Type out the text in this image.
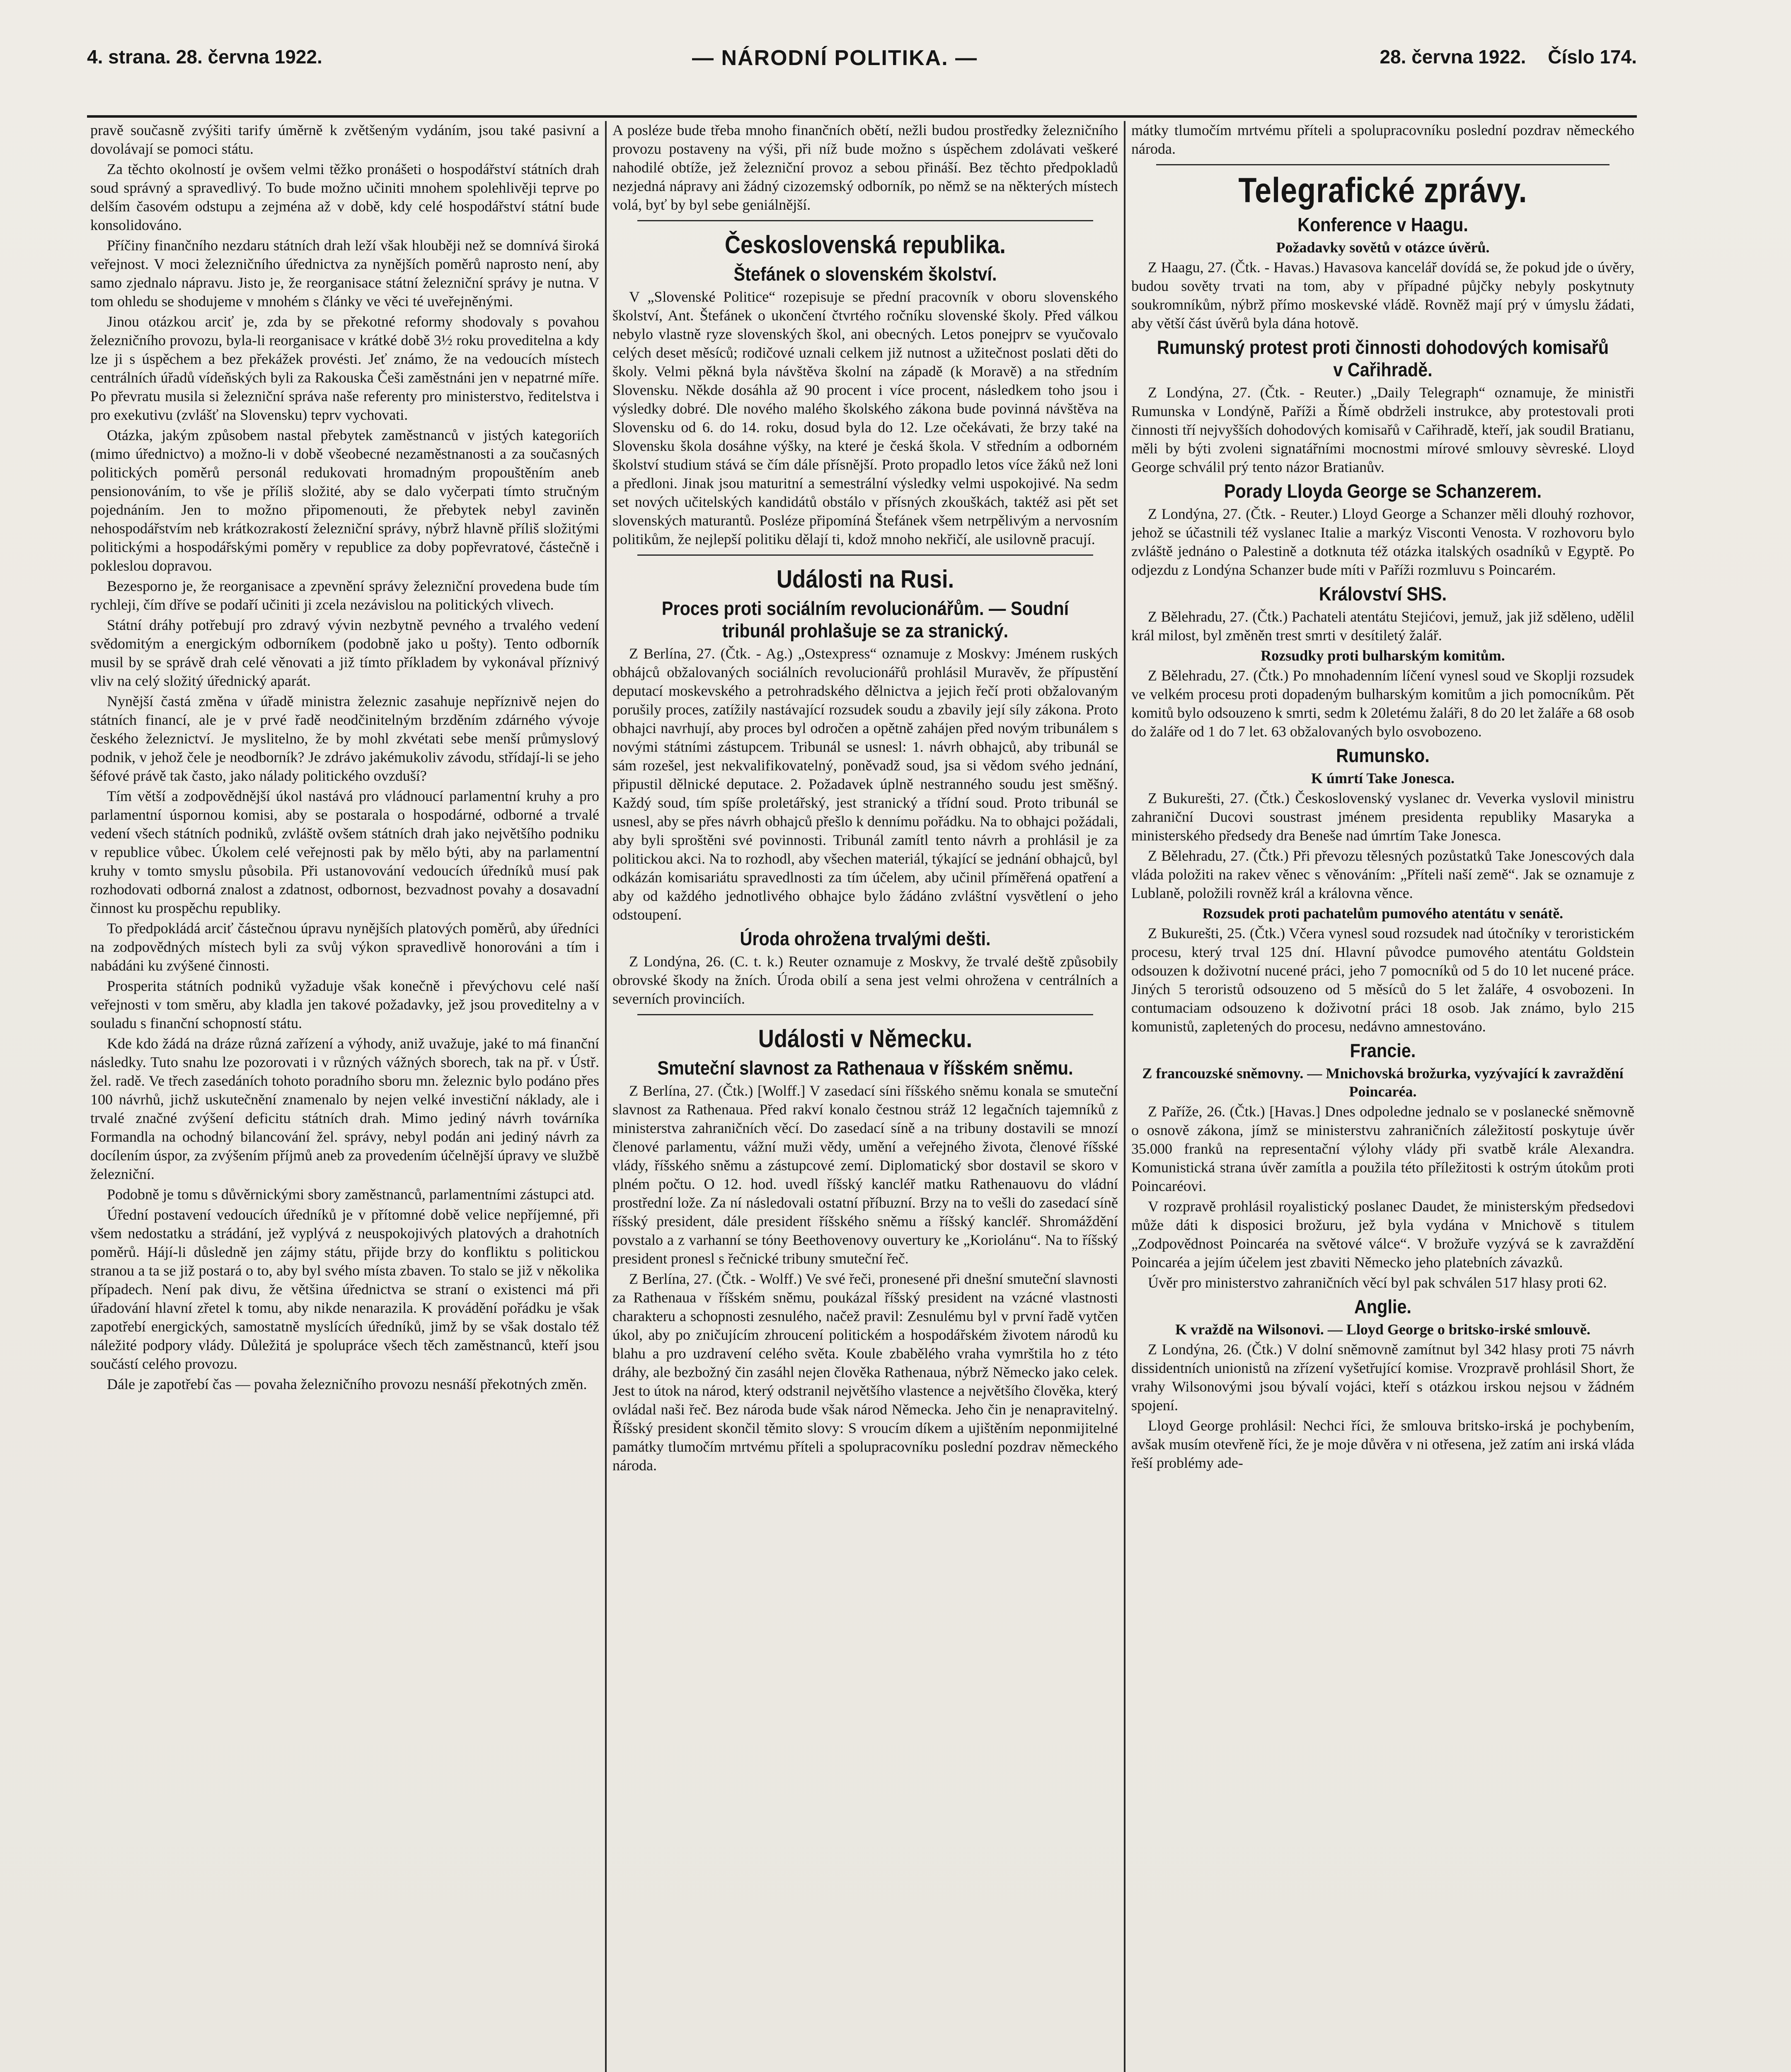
4. strana. 28. června 1922.	— NÁRODNÍ POLITIKA. —	28. června 1922. Číslo 174.

pravě současně zvýšiti tarify úměrně k zvětšeným vydáním, jsou také pasivní a dovolávají se pomoci státu.

Za těchto okolností je ovšem velmi těžko pronášeti o hospodářství státních drah soud správný a spravedlivý. To bude možno učiniti mnohem spolehlivěji teprve po delším časovém odstupu a zejména až v době, kdy celé hospodářství státní bude konsolidováno.

Příčiny finančního nezdaru státních drah leží však hlouběji než se domnívá široká veřejnost. V moci železničního úřednictva za nynějších poměrů naprosto není, aby samo zjednalo nápravu. Jisto je, že reorganisace státní železniční správy je nutna. V tom ohledu se shodujeme v mnohém s články ve věci té uveřejněnými.

Jinou otázkou arciť je, zda by se překotné reformy shodovaly s povahou železničního provozu, byla-li reorganisace v krátké době 3½ roku proveditelna a kdy lze ji s úspěchem a bez překážek provésti. Jeť známo, že na vedoucích místech centrálních úřadů vídeňských byli za Rakouska Češi zaměstnáni jen v nepatrné míře. Po převratu musila si železniční správa naše referenty pro ministerstvo, ředitelstva i pro exekutivu (zvlášť na Slovensku) teprv vychovati.

Otázka, jakým způsobem nastal přebytek zaměstnanců v jistých kategoriích (mimo úřednictvo) a možno-li v době všeobecné nezaměstnanosti a za současných politických poměrů personál redukovati hromadným propouštěním aneb pensionováním, to vše je příliš složité, aby se dalo vyčerpati tímto stručným pojednáním. Jen to možno připomenouti, že přebytek nebyl zaviněn nehospodářstvím neb krátkozrakostí železniční správy, nýbrž hlavně příliš složitými politickými a hospodářskými poměry v republice za doby popřevratové, částečně i pokleslou dopravou.

Bezesporno je, že reorganisace a zpevnění správy železniční provedena bude tím rychleji, čím dříve se podaří učiniti ji zcela nezávislou na politických vlivech.

Státní dráhy potřebují pro zdravý vývin nezbytně pevného a trvalého vedení svědomitým a energickým odborníkem (podobně jako u pošty). Tento odborník musil by se správě drah celé věnovati a již tímto příkladem by vykonával příznivý vliv na celý složitý úřednický aparát.

Nynější častá změna v úřadě ministra železnic zasahuje nepříznivě nejen do státních financí, ale je v prvé řadě neodčinitelným brzděním zdárného vývoje českého železnictví. Je myslitelno, že by mohl zkvétati sebe menší průmyslový podnik, v jehož čele je neodborník? Je zdrávo jakémukoliv závodu, střídají-li se jeho šéfové právě tak často, jako nálady politického ovzduší?

Tím větší a zodpovědnější úkol nastává pro vládnoucí parlamentní kruhy a pro parlamentní úspornou komisi, aby se postarala o hospodárné, odborné a trvalé vedení všech státních podniků, zvláště ovšem státních drah jako největšího podniku v republice vůbec. Úkolem celé veřejnosti pak by mělo býti, aby na parlamentní kruhy v tomto smyslu působila. Při ustanovování vedoucích úředníků musí pak rozhodovati odborná znalost a zdatnost, odbornost, bezvadnost povahy a dosavadní činnost ku prospěchu republiky.

To předpokládá arciť částečnou úpravu nynějších platových poměrů, aby úředníci na zodpovědných místech byli za svůj výkon spravedlivě honorováni a tím i nabádáni ku zvýšené činnosti.

Prosperita státních podniků vyžaduje však konečně i převýchovu celé naší veřejnosti v tom směru, aby kladla jen takové požadavky, jež jsou proveditelny a v souladu s finanční schopností státu.

Kde kdo žádá na dráze různá zařízení a výhody, aniž uvažuje, jaké to má finanční následky. Tuto snahu lze pozorovati i v různých vážných sborech, tak na př. v Ústř. žel. radě. Ve třech zasedáních tohoto poradního sboru mn. železnic bylo podáno přes 100 návrhů, jichž uskutečnění znamenalo by nejen velké investiční náklady, ale i trvalé značné zvýšení deficitu státních drah. Mimo jediný návrh továrníka Formandla na ochodný bilancování žel. správy, nebyl podán ani jediný návrh za docílením úspor, za zvýšením příjmů aneb za provedením účelnější úpravy ve službě železniční.

Podobně je tomu s důvěrnickými sbory zaměstnanců, parlamentními zástupci atd.

Úřední postavení vedoucích úředníků je v přítomné době velice nepříjemné, při všem nedostatku a strádání, jež vyplývá z neuspokojivých platových a drahotních poměrů. Hájí-li důsledně jen zájmy státu, přijde brzy do konfliktu s politickou stranou a ta se již postará o to, aby byl svého místa zbaven. To stalo se již v několika případech. Není pak divu, že většina úřednictva se straní o existenci má při úřadování hlavní zřetel k tomu, aby nikde nenarazila. K provádění pořádku je však zapotřebí energických, samostatně myslících úředníků, jimž by se však dostalo též náležité podpory vlády. Důležitá je spolupráce všech těch zaměstnanců, kteří jsou součástí celého provozu.

Dále je zapotřebí čas — povaha železničního provozu nesnáší překotných změn.

A posléze bude třeba mnoho finančních obětí, nežli budou prostředky železničního provozu postaveny na výši, při níž bude možno s úspěchem zdolávati veškeré nahodilé obtíže, jež železniční provoz a sebou přináší. Bez těchto předpokladů nezjedná nápravy ani žádný cizozemský odborník, po němž se na některých místech volá, byť by byl sebe geniálnější.

Československá republika.
Štefánek o slovenském školství.

V „Slovenské Politice“ rozepisuje se přední pracovník v oboru slovenského školství, Ant. Štefánek o ukončení čtvrtého ročníku slovenské školy. Před válkou nebylo vlastně ryze slovenských škol, ani obecných. Letos ponejprv se vyučovalo celých deset měsíců; rodičové uznali celkem již nutnost a užitečnost poslati děti do školy. Velmi pěkná byla návštěva školní na západě (k Moravě) a na středním Slovensku. Někde dosáhla až 90 procent i více procent, následkem toho jsou i výsledky dobré. Dle nového malého školského zákona bude povinná návštěva na Slovensku od 6. do 14. roku, dosud byla do 12. Lze očekávati, že brzy také na Slovensku škola dosáhne výšky, na které je česká škola. V středním a odborném školství studium stává se čím dále přísnější. Proto propadlo letos více žáků než loni a předloni. Jinak jsou maturitní a semestrální výsledky velmi uspokojivé. Na sedm set nových učitelských kandidátů obstálo v přísných zkouškách, taktéž asi pět set slovenských maturantů. Posléze připomíná Štefánek všem netrpělivým a nervosním politikům, že nejlepší politiku dělají ti, kdož mnoho nekřičí, ale usilovně pracují.

Události na Rusi.
Proces proti sociálním revolucionářům. — Soudní tribunál prohlašuje se za stranický.

Z Berlína, 27. (Čtk. - Ag.) „Ostexpress“ oznamuje z Moskvy: Jménem ruských obhájců obžalovaných sociálních revolucionářů prohlásil Muravěv, že přípustění deputací moskevského a petrohradského dělnictva a jejich řečí proti obžalovaným porušily proces, zatížily nastávající rozsudek soudu a zbavily její síly zákona. Proto obhajci navrhují, aby proces byl odročen a opětně zahájen před novým tribunálem s novými státními zástupcem. Tribunál se usnesl: 1. návrh obhajců, aby tribunál se sám rozešel, jest nekvalifikovatelný, poněvadž soud, jsa si vědom svého jednání, připustil dělnické deputace. 2. Požadavek úplně nestranného soudu jest směšný. Každý soud, tím spíše proletářský, jest stranický a třídní soud. Proto tribunál se usnesl, aby se přes návrh obhajců přešlo k dennímu pořádku. Na to obhajci požádali, aby byli sproštěni své povinnosti. Tribunál zamítl tento návrh a prohlásil je za politickou akci. Na to rozhodl, aby všechen materiál, týkající se jednání obhajců, byl odkázán komisariátu spravedlnosti za tím účelem, aby učinil příměřená opatření a aby od každého jednotlivého obhajce bylo žádáno zvláštní vysvětlení o jeho odstoupení.

Úroda ohrožena trvalými dešti.

Z Londýna, 26. (C. t. k.) Reuter oznamuje z Moskvy, že trvalé deště způsobily obrovské škody na žních. Úroda obilí a sena jest velmi ohrožena v centrálních a severních provinciích.

Události v Německu.
Smuteční slavnost za Rathenaua v říšském sněmu.

Z Berlína, 27. (Čtk.) [Wolff.] V zasedací síni říšského sněmu konala se smuteční slavnost za Rathenaua. Před rakví konalo čestnou stráž 12 legačních tajemníků z ministerstva zahraničních věcí. Do zasedací síně a na tribuny dostavili se mnozí členové parlamentu, vážní muži vědy, umění a veřejného života, členové říšské vlády, říšského sněmu a zástupcové zemí. Diplomatický sbor dostavil se skoro v plném počtu. O 12. hod. uvedl říšský kancléř matku Rathenauovu do vládní prostřední lože. Za ní následovali ostatní příbuzní. Brzy na to vešli do zasedací síně říšský president, dále president říšského sněmu a říšský kancléř. Shromáždění povstalo a z varhanní se tóny Beethovenovy ouvertury ke „Koriolánu“. Na to říšský president pronesl s řečnické tribuny smuteční řeč.

Z Berlína, 27. (Čtk. - Wolff.) Ve své řeči, pronesené při dnešní smuteční slavnosti za Rathenaua v říšském sněmu, poukázal říšský president na vzácné vlastnosti charakteru a schopnosti zesnulého, načež pravil: Zesnulému byl v první řadě vytčen úkol, aby po zničujícím zhroucení politickém a hospodářském životem národů ku blahu a pro uzdravení celého světa. Koule zbabělého vraha vymrštila ho z této dráhy, ale bezbožný čin zasáhl nejen člověka Rathenaua, nýbrž Německo jako celek. Jest to útok na národ, který odstranil největšího vlastence a největšího člověka, který ovládal naši řeč. Bez národa bude však národ Německa. Jeho čin je nenapravitelný. Říšský president skončil těmito slovy: S vroucím díkem a ujištěním neponmijitelné památky tlumočím mrtvému příteli a spolupracovníku poslední pozdrav německého národa.

mátky tlumočím mrtvému příteli a spolupracovníku poslední pozdrav německého národa.

Telegrafické zprávy.
Konference v Haagu.
Požadavky sovětů v otázce úvěrů.

Z Haagu, 27. (Čtk. - Havas.) Havasova kancelář dovídá se, že pokud jde o úvěry, budou sověty trvati na tom, aby v případné půjčky nebyly poskytnuty soukromníkům, nýbrž přímo moskevské vládě. Rovněž mají prý v úmyslu žádati, aby větší část úvěrů byla dána hotově.

Rumunský protest proti činnosti dohodových komisařů v Cařihradě.

Z Londýna, 27. (Čtk. - Reuter.) „Daily Telegraph“ oznamuje, že ministři Rumunska v Londýně, Paříži a Římě obdrželi instrukce, aby protestovali proti činnosti tří nejvyšších dohodových komisařů v Cařihradě, kteří, jak soudil Bratianu, měli by býti zvoleni signatářními mocnostmi mírové smlouvy sèvreské. Lloyd George schválil prý tento názor Bratianův.

Porady Lloyda George se Schanzerem.

Z Londýna, 27. (Čtk. - Reuter.) Lloyd George a Schanzer měli dlouhý rozhovor, jehož se účastnili též vyslanec Italie a markýz Visconti Venosta. V rozhovoru bylo zvláště jednáno o Palestině a dotknuta též otázka italských osadníků v Egyptě. Po odjezdu z Londýna Schanzer bude míti v Paříži rozmluvu s Poincarém.

Království SHS.

Z Bělehradu, 27. (Čtk.) Pachateli atentátu Stejićovi, jemuž, jak již sděleno, udělil král milost, byl změněn trest smrti v desítiletý žalář.

Rozsudky proti bulharským komitům.

Z Bělehradu, 27. (Čtk.) Po mnohadenním líčení vynesl soud ve Skoplji rozsudek ve velkém procesu proti dopadeným bulharským komitům a jich pomocníkům. Pět komitů bylo odsouzeno k smrti, sedm k 20letému žaláři, 8 do 20 let žaláře a 68 osob do žaláře od 1 do 7 let. 63 obžalovaných bylo osvobozeno.

Rumunsko.
K úmrtí Take Jonesca.

Z Bukurešti, 27. (Čtk.) Československý vyslanec dr. Veverka vyslovil ministru zahraniční Ducovi soustrast jménem presidenta republiky Masaryka a ministerského předsedy dra Beneše nad úmrtím Take Jonesca.

Z Bělehradu, 27. (Čtk.) Při převozu tělesných pozůstatků Take Jonescových dala vláda položiti na rakev věnec s věnováním: „Příteli naší země“. Jak se oznamuje z Lublaně, položili rovněž král a královna věnce.

Rozsudek proti pachatelům pumového atentátu v senátě.

Z Bukurešti, 25. (Čtk.) Včera vynesl soud rozsudek nad útočníky v teroristickém procesu, který trval 125 dní. Hlavní původce pumového atentátu Goldstein odsouzen k doživotní nucené práci, jeho 7 pomocníků od 5 do 10 let nucené práce. Jiných 5 teroristů odsouzeno od 5 měsíců do 5 let žaláře, 4 osvobozeni. In contumaciam odsouzeno k doživotní práci 18 osob. Jak známo, bylo 215 komunistů, zapletených do procesu, nedávno amnestováno.

Francie.
Z francouzské sněmovny. — Mnichovská brožurka, vyzývající k zavraždění Poincaréa.

Z Paříže, 26. (Čtk.) [Havas.] Dnes odpoledne jednalo se v poslanecké sněmovně o osnově zákona, jímž se ministerstvu zahraničních záležitostí poskytuje úvěr 35.000 franků na representační výlohy vlády při svatbě krále Alexandra. Komunistická strana úvěr zamítla a použila této příležitosti k ostrým útokům proti Poincaréovi.

V rozpravě prohlásil royalistický poslanec Daudet, že ministerským předsedovi může dáti k disposici brožuru, jež byla vydána v Mnichově s titulem „Zodpovědnost Poincaréa na světové válce“. V brožuře vyzývá se k zavraždění Poincaréa a jejím účelem jest zbaviti Německo jeho platebních závazků.

Úvěr pro ministerstvo zahraničních věcí byl pak schválen 517 hlasy proti 62.

Anglie.
K vraždě na Wilsonovi. — Lloyd George o britsko-irské smlouvě.

Z Londýna, 26. (Čtk.) V dolní sněmovně zamítnut byl 342 hlasy proti 75 návrh dissidentních unionistů na zřízení vyšetřující komise. Vrozpravě prohlásil Short, že vrahy Wilsonovými jsou bývalí vojáci, kteří s otázkou irskou nejsou v žádném spojení.

Lloyd George prohlásil: Nechci říci, že smlouva britsko-irská je pochybením, avšak musím otevřeně říci, že je moje důvěra v ni otřesena, jež zatím ani irská vláda řeší problémy ade-
